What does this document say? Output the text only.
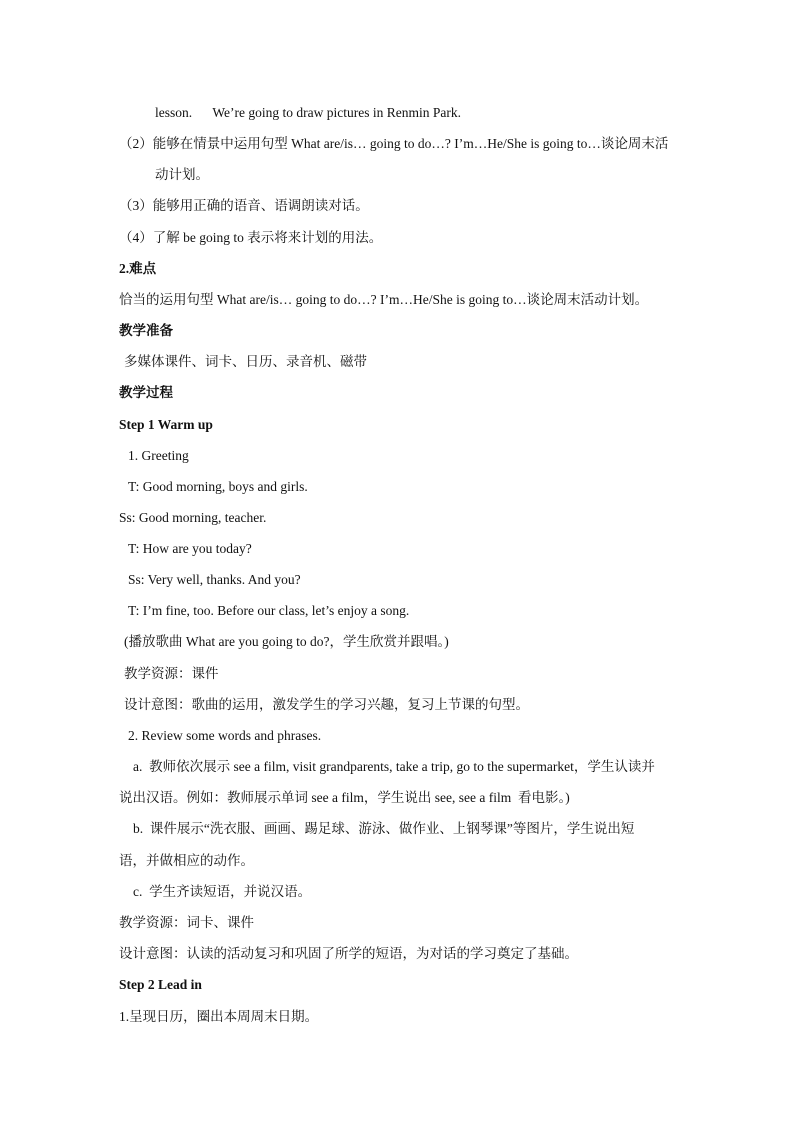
lesson.      We’re going to draw pictures in Renmin Park.
（2）能够在情景中运用句型 What are/is… going to do…? I’m…He/She is going to…谈论周末活
动计划。
（3）能够用正确的语音、语调朗读对话。
（4）了解 be going to 表示将来计划的用法。
2.难点
恰当的运用句型 What are/is… going to do…? I’m…He/She is going to…谈论周末活动计划。
教学准备
多媒体课件、词卡、日历、录音机、磁带
教学过程
Step 1 Warm up
1. Greeting
T: Good morning, boys and girls.
Ss: Good morning, teacher.
T: How are you today?
Ss: Very well, thanks. And you?
T: I’m fine, too. Before our class, let’s enjoy a song.
(播放歌曲 What are you going to do?，学生欣赏并跟唱。)
教学资源：课件
设计意图：歌曲的运用，激发学生的学习兴趣，复习上节课的句型。
2. Review some words and phrases.
a.  教师依次展示 see a film, visit grandparents, take a trip, go to the supermarket，学生认读并
说出汉语。例如：教师展示单词 see a film，学生说出 see, see a film  看电影。)
b.  课件展示“洗衣服、画画、踢足球、游泳、做作业、上钢琴课”等图片，学生说出短
语，并做相应的动作。
c.  学生齐读短语，并说汉语。
教学资源：词卡、课件
设计意图：认读的活动复习和巩固了所学的短语，为对话的学习奠定了基础。
Step 2 Lead in
1.呈现日历，圈出本周周末日期。
